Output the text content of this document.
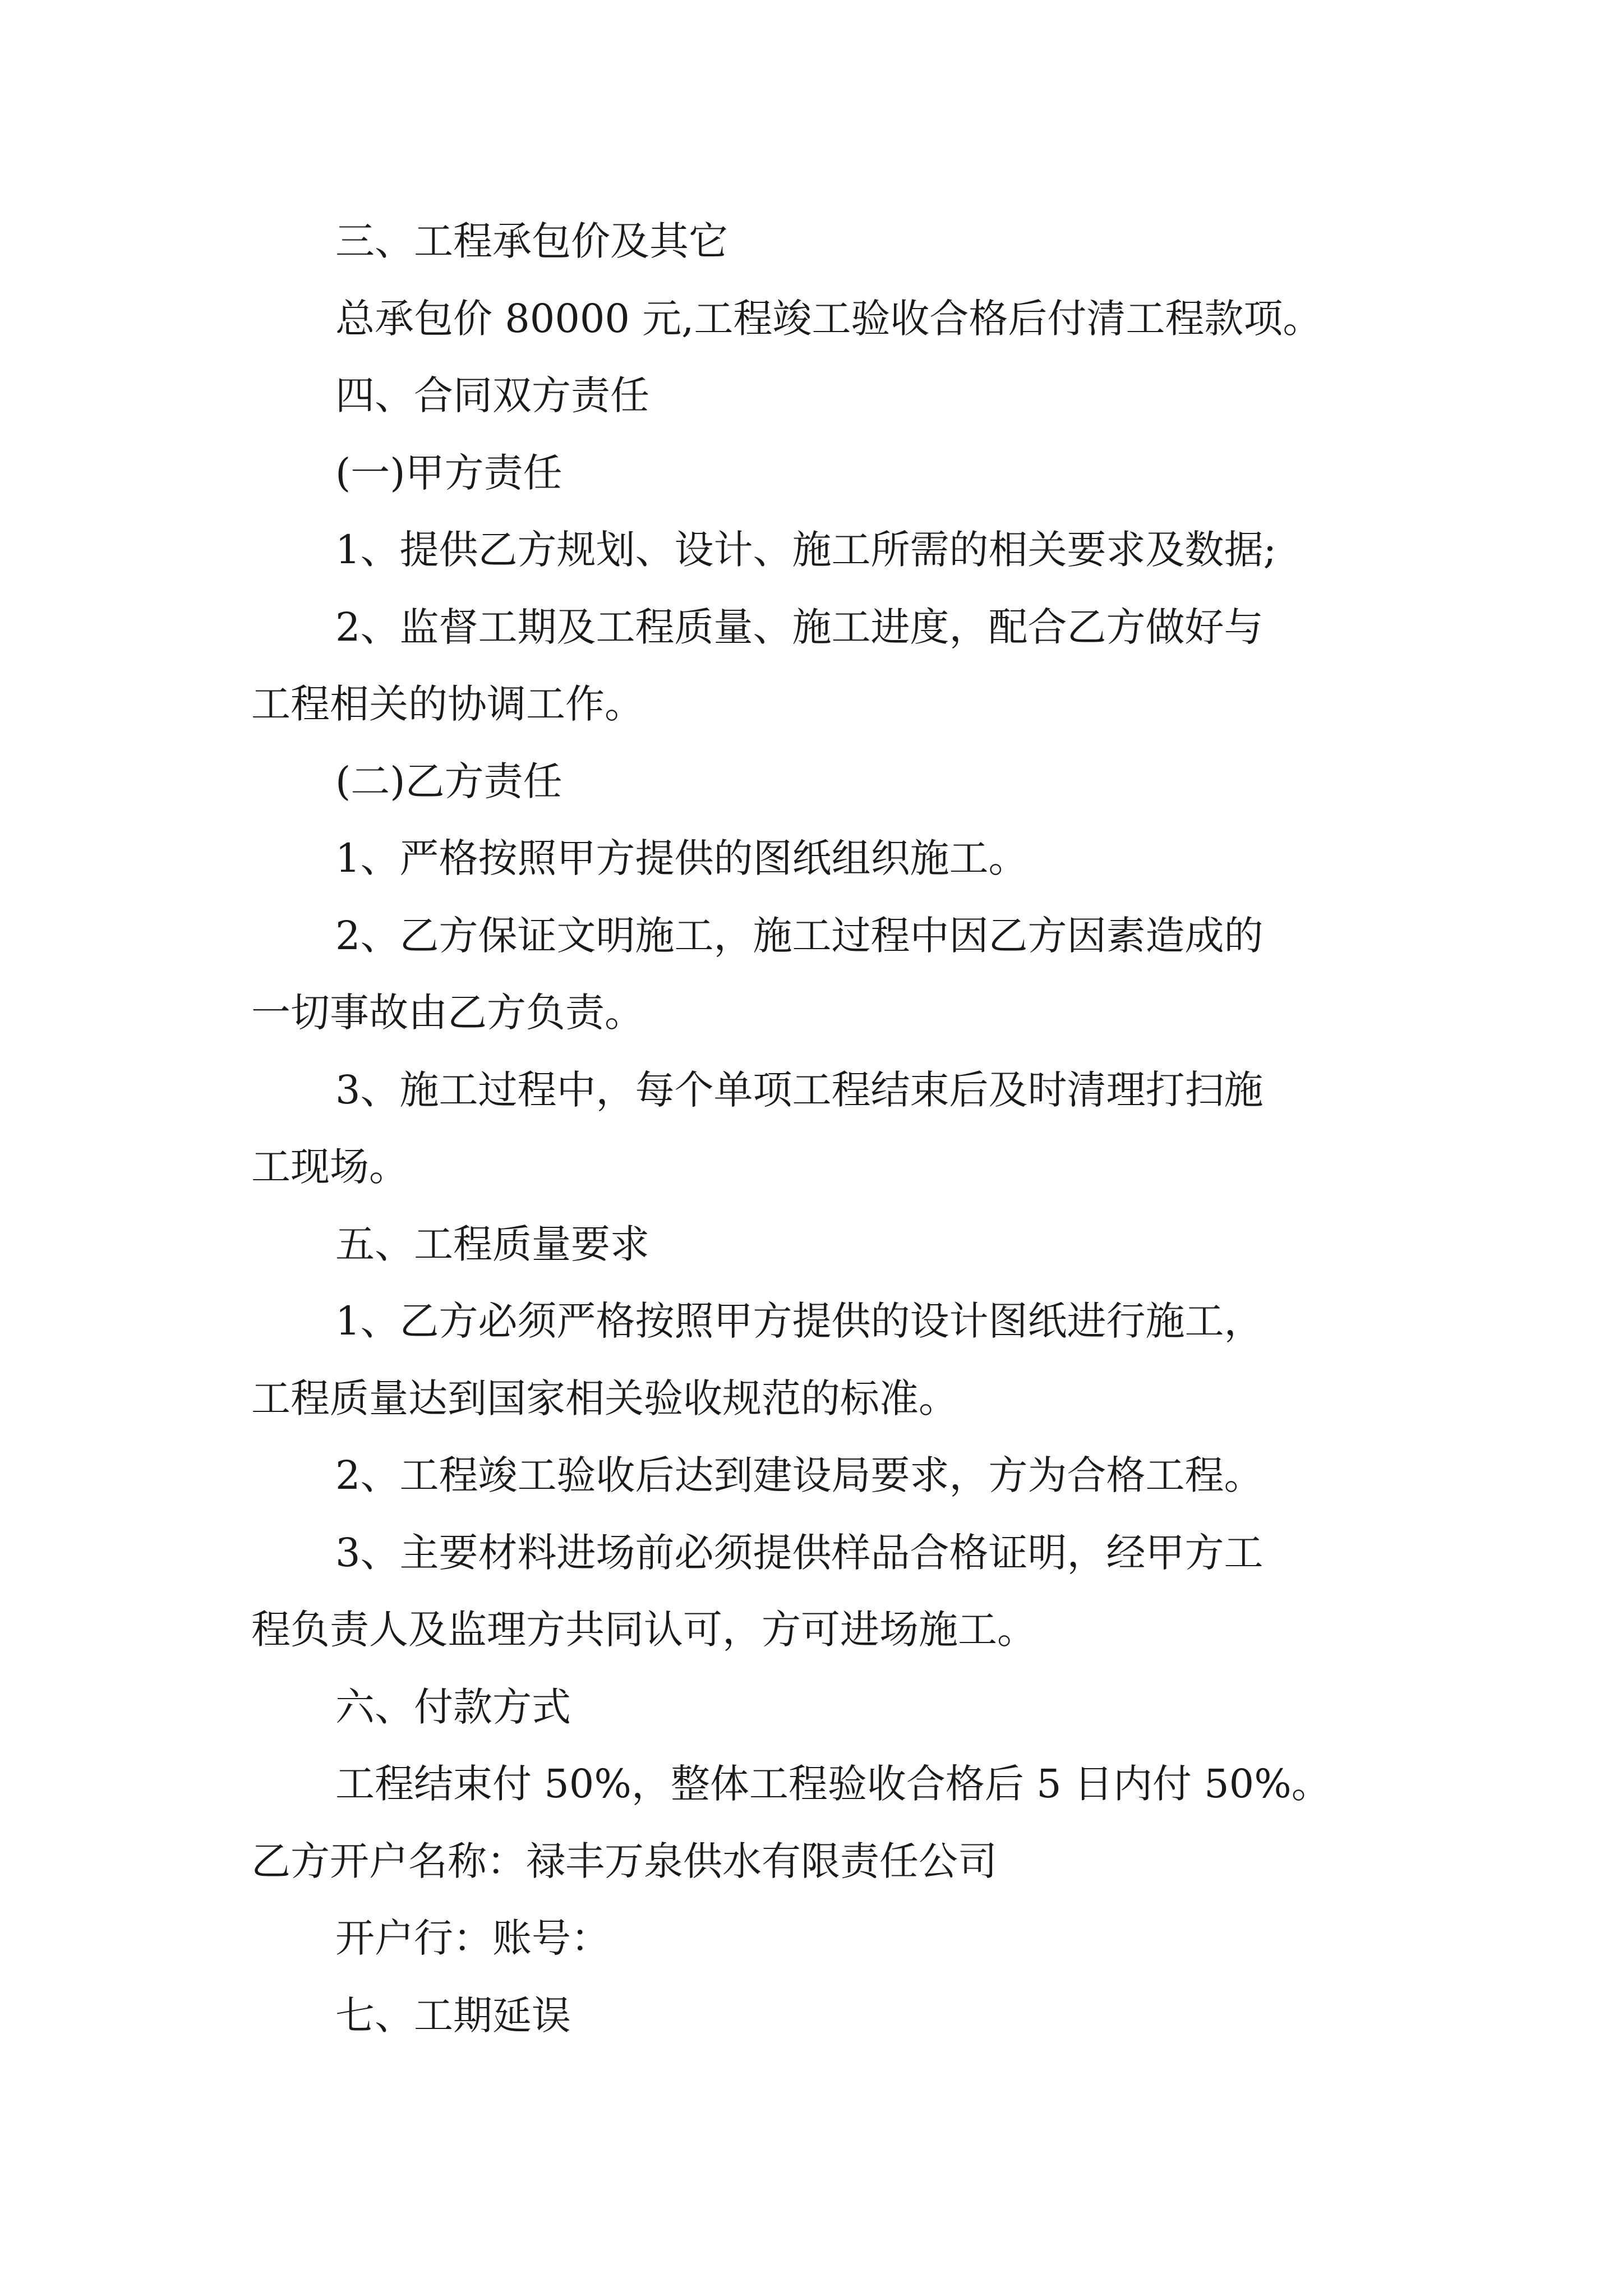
三、工程承包价及其它
总承包价 80000 元,工程竣工验收合格后付清工程款项。
四、合同双方责任
(一)甲方责任
1、提供乙方规划、设计、施工所需的相关要求及数据;
2、监督工期及工程质量、施工进度，配合乙方做好与
工程相关的协调工作。
(二)乙方责任
1、严格按照甲方提供的图纸组织施工。
2、乙方保证文明施工，施工过程中因乙方因素造成的
一切事故由乙方负责。
3、施工过程中，每个单项工程结束后及时清理打扫施
工现场。
五、工程质量要求
1、乙方必须严格按照甲方提供的设计图纸进行施工，
工程质量达到国家相关验收规范的标准。
2、工程竣工验收后达到建设局要求，方为合格工程。
3、主要材料进场前必须提供样品合格证明，经甲方工
程负责人及监理方共同认可，方可进场施工。
六、付款方式
工程结束付 50%，整体工程验收合格后 5 日内付 50%。
乙方开户名称：禄丰万泉供水有限责任公司
开户行：账号：
七、工期延误
